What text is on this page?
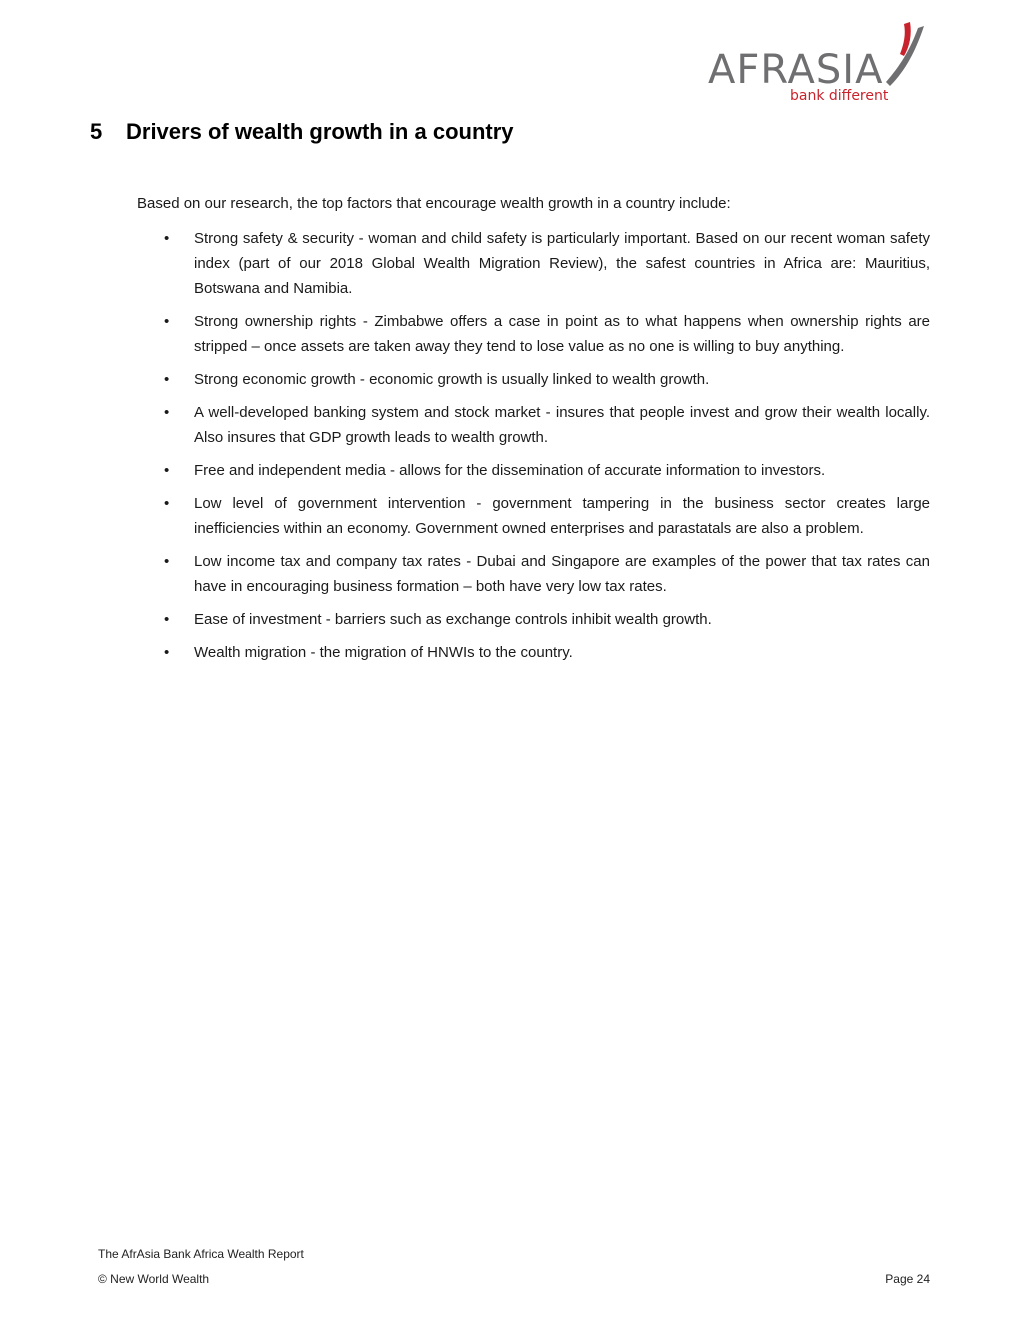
AFRASIA
bank different
5 Drivers of wealth growth in a country
Based on our research, the top factors that encourage wealth growth in a country include:
• Strong safety & security - woman and child safety is particularly important. Based on our recent woman safety index (part of our 2018 Global Wealth Migration Review), the safest countries in Africa are: Mauritius, Botswana and Namibia.
• Strong ownership rights - Zimbabwe offers a case in point as to what happens when ownership rights are stripped – once assets are taken away they tend to lose value as no one is willing to buy anything.
• Strong economic growth - economic growth is usually linked to wealth growth.
• A well-developed banking system and stock market - insures that people invest and grow their wealth locally. Also insures that GDP growth leads to wealth growth.
• Free and independent media - allows for the dissemination of accurate information to investors.
• Low level of government intervention - government tampering in the business sector creates large inefficiencies within an economy. Government owned enterprises and parastatals are also a problem.
• Low income tax and company tax rates - Dubai and Singapore are examples of the power that tax rates can have in encouraging business formation – both have very low tax rates.
• Ease of investment - barriers such as exchange controls inhibit wealth growth.
• Wealth migration - the migration of HNWIs to the country.
The AfrAsia Bank Africa Wealth Report
© New World Wealth	Page 24
